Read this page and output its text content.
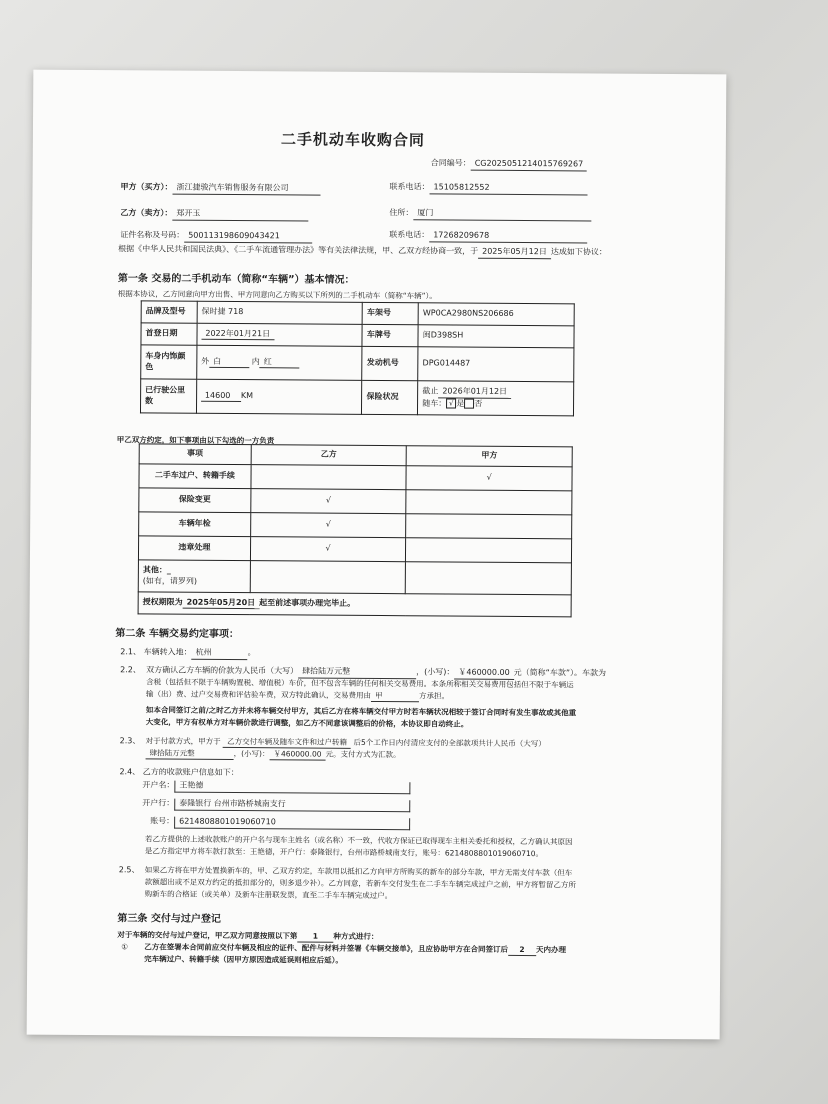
二手机动车收购合同
合同编号： CG2025051214015769267
甲方（买方）： 浙江捷骏汽车销售服务有限公司	联系电话： 15105812552
乙方（卖方）： 郑开玉	住所： 厦门
证件名称及号码： 500113198609043421	联系电话： 17268209678
根据《中华人民共和国民法典》、《二手车流通管理办法》等有关法律法规，甲、乙双方经协商一致，于 2025年05月12日 达成如下协议：
第一条 交易的二手机动车（简称“车辆”）基本情况：
根据本协议，乙方同意向甲方出售、甲方同意向乙方购买以下所列的二手机动车（简称“车辆”）。
品牌及型号	保时捷 718	车架号	WP0CA2980NS206686
首登日期	2022年01月21日	车牌号	闽D398SH
车身内饰颜色	外 白 内 红	发动机号	DPG014487
已行驶公里数	14600 KM	保险状况	截止 2026年01月12日
随车： √ 是 否
甲乙双方约定，如下事项由以下勾选的一方负责
事项	乙方	甲方
二手车过户、转籍手续		√
保险变更	√	
车辆年检	√	
违章处理	√	

其他：_
(如有，请罗列)		

授权期限为 2025年05月20日 起至前述事项办理完毕止。		
第二条 车辆交易约定事项：
2.1、 车辆转入地： 杭州	。
2.2、 双方确认乙方车辆的价款为人民币（大写） 肆拾陆万元整	，(小写)： ￥460000.00 元（简称“车款”）。车款为
含税（包括但不限于车辆购置税、增值税）车价，但不包含车辆的任何相关交易费用。本条所称相关交易费用包括但不限于车辆运
输（出）费、过户交易费和评估验车费，双方特此确认，交易费用由 甲	方承担。
如本合同签订之前/之时乙方并未将车辆交付甲方，其后乙方在将车辆交付甲方时若车辆状况相较于签订合同时有发生事故或其他重
大变化，甲方有权单方对车辆价款进行调整，如乙方不同意该调整后的价格，本协议即自动终止。
2.3、 对于付款方式，甲方于 乙方交付车辆及随车文件和过户转籍 后5个工作日内付清应支付的全部款项共计人民币（大写）
肆拾陆万元整	，(小写)： ￥460000.00 元。支付方式为汇款。
2.4、 乙方的收款账户信息如下：
开户名： 王艳德
开户行： 泰隆银行 台州市路桥城南支行
账号： 6214808801019060710
若乙方提供的上述收款账户的开户名与现车主姓名（或名称）不一致，代收方保证已取得现车主相关委托和授权，乙方确认其原因
是乙方指定甲方将车款打款至：王艳德，开户行：泰隆银行，台州市路桥城南支行，账号：6214808801019060710。
2.5、 如果乙方将在甲方处置换新车的，甲、乙双方约定，车款用以抵扣乙方向甲方所购买的新车的部分车款，甲方无需支付车款（但车
款额超出或不足双方约定的抵扣部分的，则多退少补）。乙方同意，若新车交付发生在二手车车辆完成过户之前，甲方将暂留乙方所
购新车的合格证（或关单）及新车注册联发票，直至二手车车辆完成过户。
第三条 交付与过户登记
对于车辆的交付与过户登记，甲乙双方同意按照以下第 1 种方式进行：
① 乙方在签署本合同前应交付车辆及相应的证件、配件与材料并签署《车辆交接单》，且应协助甲方在合同签订后 2 天内办理
完车辆过户、转籍手续（因甲方原因造成延误则相应后延）。
